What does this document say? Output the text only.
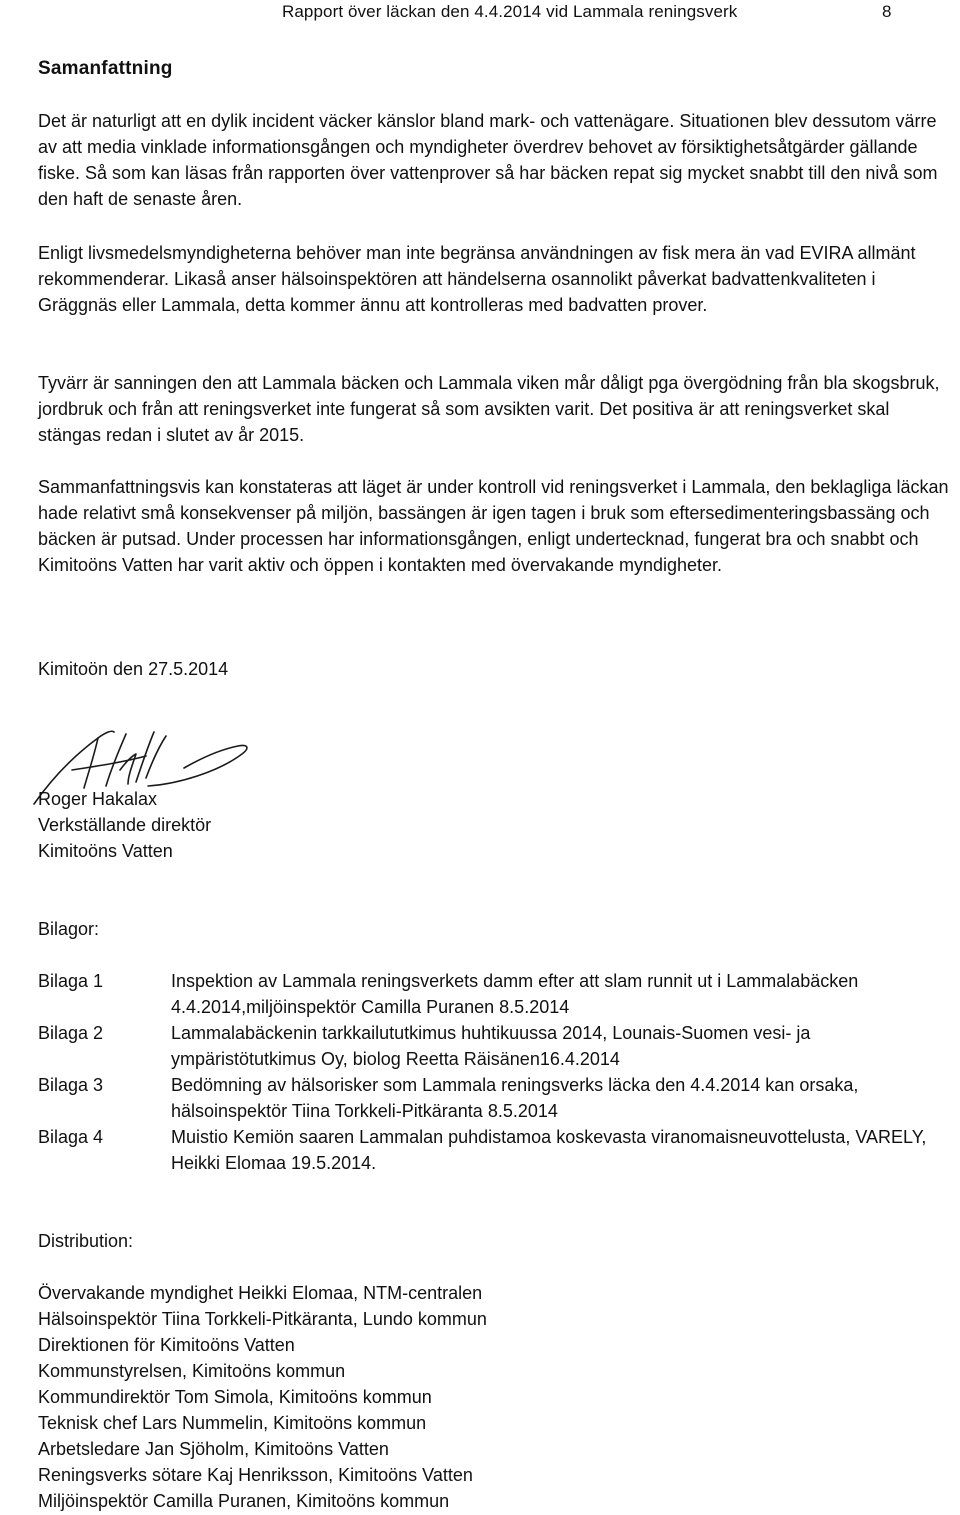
Rapport över läckan den 4.4.2014 vid Lammala reningsverk	8
Samanfattning

Det är naturligt att en dylik incident väcker känslor bland mark- och vattenägare. Situationen blev dessutom värre av att media vinklade informationsgången och myndigheter överdrev behovet av försiktighetsåtgärder gällande fiske. Så som kan läsas från rapporten över vattenprover så har bäcken repat sig mycket snabbt till den nivå som den haft de senaste åren.

Enligt livsmedelsmyndigheterna behöver man inte begränsa användningen av fisk mera än vad EVIRA allmänt rekommenderar. Likaså anser hälsoinspektören att händelserna osannolikt påverkat badvattenkvaliteten i Gräggnäs eller Lammala, detta kommer ännu att kontrolleras med badvatten prover.

Tyvärr är sanningen den att Lammala bäcken och Lammala viken mår dåligt pga övergödning från bla skogsbruk, jordbruk och från att reningsverket inte fungerat så som avsikten varit. Det positiva är att reningsverket skal stängas redan i slutet av år 2015.

Sammanfattningsvis kan konstateras att läget är under kontroll vid reningsverket i Lammala, den beklagliga läckan hade relativt små konsekvenser på miljön, bassängen är igen tagen i bruk som eftersedimenteringsbassäng och bäcken är putsad. Under processen har informationsgången, enligt undertecknad, fungerat bra och snabbt och Kimitoöns Vatten har varit aktiv och öppen i kontakten med övervakande myndigheter.

Kimitoön den 27.5.2014
Roger Hakalax
Verkställande direktör
Kimitoöns Vatten
Bilagor:
Bilaga 1	Inspektion av Lammala reningsverkets damm efter att slam runnit ut i Lammalabäcken 4.4.2014,miljöinspektör Camilla Puranen 8.5.2014
Bilaga 2	Lammalabäckenin tarkkailututkimus huhtikuussa 2014, Lounais-Suomen vesi- ja ympäristötutkimus Oy, biolog Reetta Räisänen16.4.2014
Bilaga 3	Bedömning av hälsorisker som Lammala reningsverks läcka den 4.4.2014 kan orsaka, hälsoinspektör Tiina Torkkeli-Pitkäranta 8.5.2014
Bilaga 4	Muistio Kemiön saaren Lammalan puhdistamoa koskevasta viranomaisneuvottelusta, VARELY, Heikki Elomaa 19.5.2014.
Distribution:
Övervakande myndighet Heikki Elomaa, NTM-centralen
Hälsoinspektör Tiina Torkkeli-Pitkäranta, Lundo kommun
Direktionen för Kimitoöns Vatten
Kommunstyrelsen, Kimitoöns kommun
Kommundirektör Tom Simola, Kimitoöns kommun
Teknisk chef Lars Nummelin, Kimitoöns kommun
Arbetsledare Jan Sjöholm, Kimitoöns Vatten
Reningsverks sötare Kaj Henriksson, Kimitoöns Vatten
Miljöinspektör Camilla Puranen, Kimitoöns kommun
